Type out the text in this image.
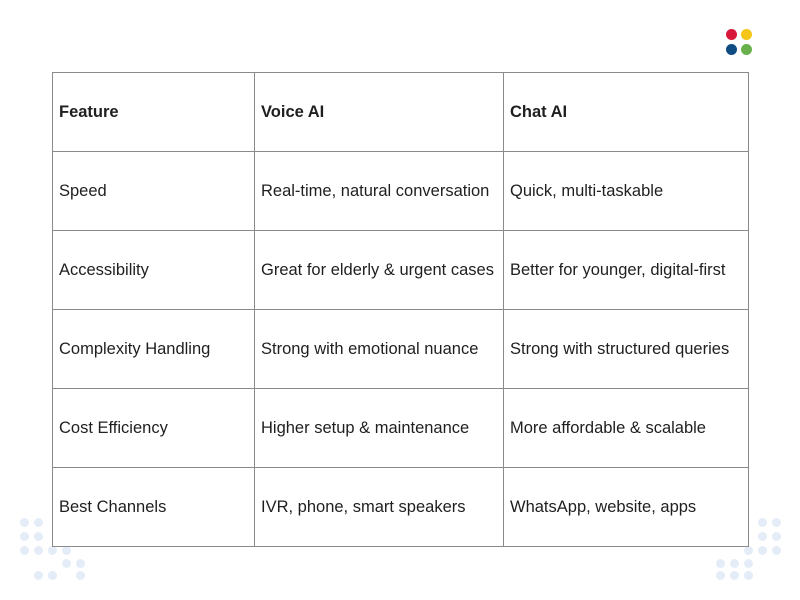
Feature	Voice AI	Chat AI
Speed	Real-time, natural conversation	Quick, multi-taskable
Accessibility	Great for elderly & urgent cases	Better for younger, digital-first
Complexity Handling	Strong with emotional nuance	Strong with structured queries
Cost Efficiency	Higher setup & maintenance	More affordable & scalable
Best Channels	IVR, phone, smart speakers	WhatsApp, website, apps
